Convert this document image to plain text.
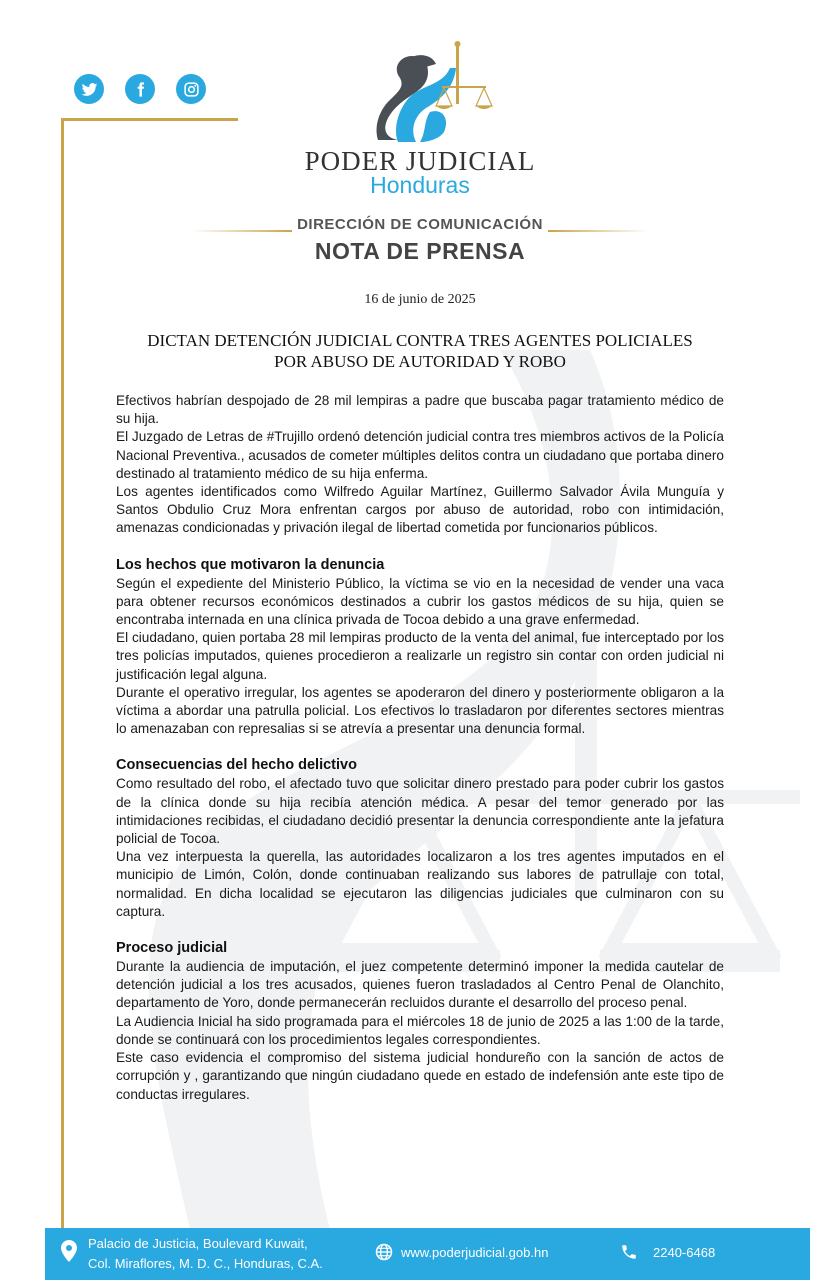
PODER JUDICIAL
Honduras
DIRECCIÓN DE COMUNICACIÓN
NOTA DE PRENSA
16 de junio de 2025
DICTAN DETENCIÓN JUDICIAL CONTRA TRES AGENTES POLICIALES
POR ABUSO DE AUTORIDAD Y ROBO

Efectivos habrían despojado de 28 mil lempiras a padre que buscaba pagar tratamiento médico de su hija.

El Juzgado de Letras de #Trujillo ordenó detención judicial contra tres miembros activos de la Policía Nacional Preventiva., acusados de cometer múltiples delitos contra un ciudadano que portaba dinero destinado al tratamiento médico de su hija enferma.

Los agentes identificados como Wilfredo Aguilar Martínez, Guillermo Salvador Ávila Munguía y Santos Obdulio Cruz Mora enfrentan cargos por abuso de autoridad, robo con intimidación, amenazas condicionadas y privación ilegal de libertad cometida por funcionarios públicos.

Los hechos que motivaron la denuncia

Según el expediente del Ministerio Público, la víctima se vio en la necesidad de vender una vaca para obtener recursos económicos destinados a cubrir los gastos médicos de su hija, quien se encontraba internada en una clínica privada de Tocoa debido a una grave enfermedad.

El ciudadano, quien portaba 28 mil lempiras producto de la venta del animal, fue interceptado por los tres policías imputados, quienes procedieron a realizarle un registro sin contar con orden judicial ni justificación legal alguna.

Durante el operativo irregular, los agentes se apoderaron del dinero y posteriormente obligaron a la víctima a abordar una patrulla policial. Los efectivos lo trasladaron por diferentes sectores mientras lo amenazaban con represalias si se atrevía a presentar una denuncia formal.

Consecuencias del hecho delictivo

Como resultado del robo, el afectado tuvo que solicitar dinero prestado para poder cubrir los gastos de la clínica donde su hija recibía atención médica. A pesar del temor generado por las intimidaciones recibidas, el ciudadano decidió presentar la denuncia correspondiente ante la jefatura policial de Tocoa.

Una vez interpuesta la querella, las autoridades localizaron a los tres agentes imputados en el municipio de Limón, Colón, donde continuaban realizando sus labores de patrullaje con total, normalidad. En dicha localidad se ejecutaron las diligencias judiciales que culminaron con su captura.

Proceso judicial

Durante la audiencia de imputación, el juez competente determinó imponer la medida cautelar de detención judicial a los tres acusados, quienes fueron trasladados al Centro Penal de Olanchito, departamento de Yoro, donde permanecerán recluidos durante el desarrollo del proceso penal.

La Audiencia Inicial ha sido programada para el miércoles 18 de junio de 2025 a las 1:00 de la tarde, donde se continuará con los procedimientos legales correspondientes.

Este caso evidencia el compromiso del sistema judicial hondureño con la sanción de actos de corrupción y , garantizando que ningún ciudadano quede en estado de indefensión ante este tipo de conductas irregulares.

Palacio de Justicia, Boulevard Kuwait,
Col. Miraflores, M. D. C., Honduras, C.A.
www.poderjudicial.gob.hn	2240-6468
